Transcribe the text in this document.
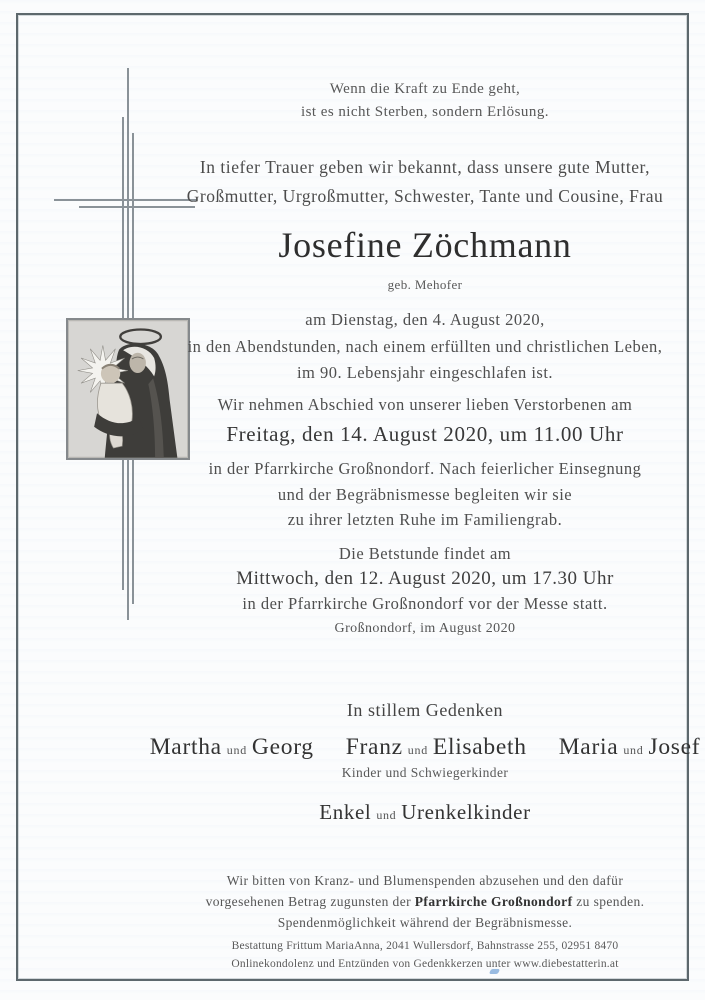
Wenn die Kraft zu Ende geht,
ist es nicht Sterben, sondern Erlösung.
In tiefer Trauer geben wir bekannt, dass unsere gute Mutter,
Großmutter, Urgroßmutter, Schwester, Tante und Cousine, Frau
Josefine Zöchmann
geb. Mehofer
am Dienstag, den 4. August 2020,
in den Abendstunden, nach einem erfüllten und christlichen Leben,
im 90. Lebensjahr eingeschlafen ist.
Wir nehmen Abschied von unserer lieben Verstorbenen am
Freitag, den 14. August 2020, um 11.00 Uhr
in der Pfarrkirche Großnondorf. Nach feierlicher Einsegnung
und der Begräbnismesse begleiten wir sie
zu ihrer letzten Ruhe im Familiengrab.
Die Betstunde findet am
Mittwoch, den 12. August 2020, um 17.30 Uhr
in der Pfarrkirche Großnondorf vor der Messe statt.
Großnondorf, im August 2020
In stillem Gedenken
Martha und Georg Franz und Elisabeth Maria und Josef
Kinder und Schwiegerkinder
Enkel und Urenkelkinder
Wir bitten von Kranz- und Blumenspenden abzusehen und den dafür
vorgesehenen Betrag zugunsten der Pfarrkirche Großnondorf zu spenden.
Spendenmöglichkeit während der Begräbnismesse.
Bestattung Frittum MariaAnna, 2041 Wullersdorf, Bahnstrasse 255, 02951 8470
Onlinekondolenz und Entzünden von Gedenkkerzen unter www.diebestatterin.at
